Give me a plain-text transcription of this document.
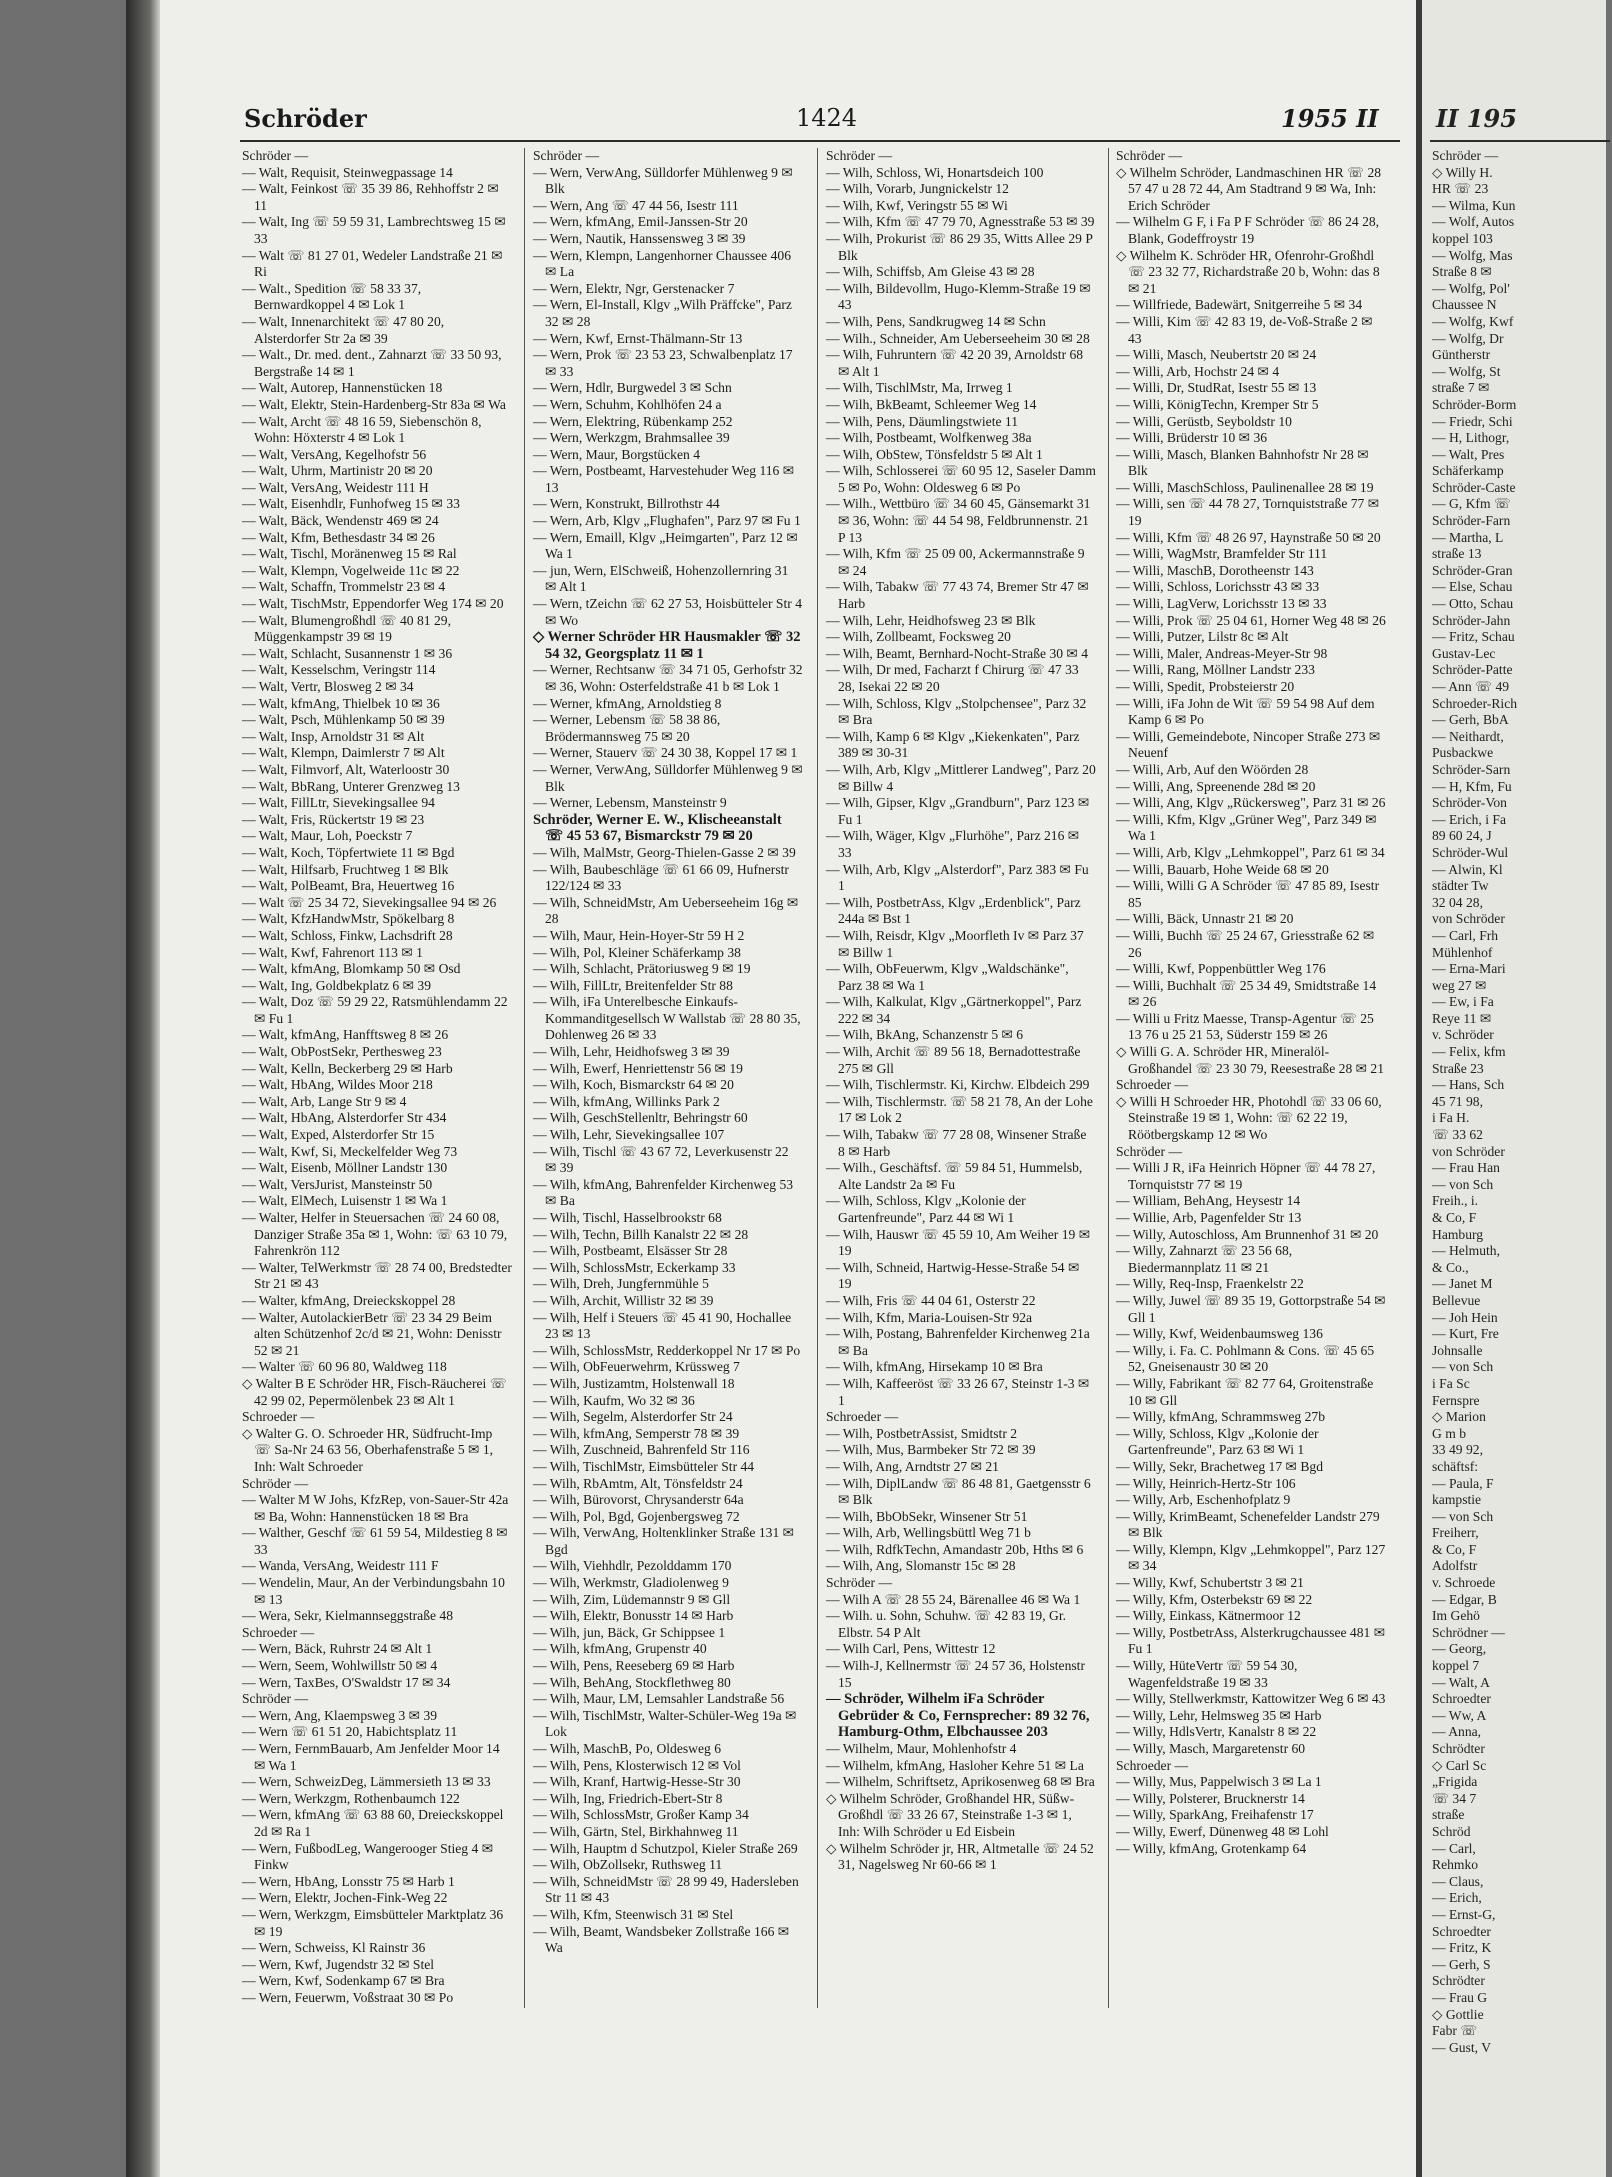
Schröder	1424	1955 II

Schröder —

— Walt, Requisit, Steinwegpassage 14

— Walt, Feinkost ☏ 35 39 86, Rehhoffstr 2 ✉ 11

— Walt, Ing ☏ 59 59 31, Lambrechtsweg 15 ✉ 33

— Walt ☏ 81 27 01, Wedeler Landstraße 21 ✉ Ri

— Walt., Spedition ☏ 58 33 37, Bernwardkoppel 4 ✉ Lok 1

— Walt, Innenarchitekt ☏ 47 80 20, Alsterdorfer Str 2a ✉ 39

— Walt., Dr. med. dent., Zahnarzt ☏ 33 50 93, Bergstraße 14 ✉ 1

— Walt, Autorep, Hannenstücken 18

— Walt, Elektr, Stein-Hardenberg-Str 83a ✉ Wa

— Walt, Archt ☏ 48 16 59, Siebenschön 8, Wohn: Höxterstr 4 ✉ Lok 1

— Walt, VersAng, Kegelhofstr 56

— Walt, Uhrm, Martinistr 20 ✉ 20

— Walt, VersAng, Weidestr 111 H

— Walt, Eisenhdlr, Funhofweg 15 ✉ 33

— Walt, Bäck, Wendenstr 469 ✉ 24

— Walt, Kfm, Bethesdastr 34 ✉ 26

— Walt, Tischl, Moränenweg 15 ✉ Ral

— Walt, Klempn, Vogelweide 11c ✉ 22

— Walt, Schaffn, Trommelstr 23 ✉ 4

— Walt, TischMstr, Eppendorfer Weg 174 ✉ 20

— Walt, Blumengroßhdl ☏ 40 81 29, Müggenkampstr 39 ✉ 19

— Walt, Schlacht, Susannenstr 1 ✉ 36

— Walt, Kesselschm, Veringstr 114

— Walt, Vertr, Blosweg 2 ✉ 34

— Walt, kfmAng, Thielbek 10 ✉ 36

— Walt, Psch, Mühlenkamp 50 ✉ 39

— Walt, Insp, Arnoldstr 31 ✉ Alt

— Walt, Klempn, Daimlerstr 7 ✉ Alt

— Walt, Filmvorf, Alt, Waterloostr 30

— Walt, BbRang, Unterer Grenzweg 13

— Walt, FillLtr, Sievekingsallee 94

— Walt, Fris, Rückertstr 19 ✉ 23

— Walt, Maur, Loh, Poeckstr 7

— Walt, Koch, Töpfertwiete 11 ✉ Bgd

— Walt, Hilfsarb, Fruchtweg 1 ✉ Blk

— Walt, PolBeamt, Bra, Heuertweg 16

— Walt ☏ 25 34 72, Sievekingsallee 94 ✉ 26

— Walt, KfzHandwMstr, Spökelbarg 8

— Walt, Schloss, Finkw, Lachsdrift 28

— Walt, Kwf, Fahrenort 113 ✉ 1

— Walt, kfmAng, Blomkamp 50 ✉ Osd

— Walt, Ing, Goldbekplatz 6 ✉ 39

— Walt, Doz ☏ 59 29 22, Ratsmühlendamm 22 ✉ Fu 1

— Walt, kfmAng, Hanfftsweg 8 ✉ 26

— Walt, ObPostSekr, Perthesweg 23

— Walt, Kelln, Beckerberg 29 ✉ Harb

— Walt, HbAng, Wildes Moor 218

— Walt, Arb, Lange Str 9 ✉ 4

— Walt, HbAng, Alsterdorfer Str 434

— Walt, Exped, Alsterdorfer Str 15

— Walt, Kwf, Si, Meckelfelder Weg 73

— Walt, Eisenb, Möllner Landstr 130

— Walt, VersJurist, Mansteinstr 50

— Walt, ElMech, Luisenstr 1 ✉ Wa 1

— Walter, Helfer in Steuersachen ☏ 24 60 08, Danziger Straße 35a ✉ 1, Wohn: ☏ 63 10 79, Fahrenkrön 112

— Walter, TelWerkmstr ☏ 28 74 00, Bredstedter Str 21 ✉ 43

— Walter, kfmAng, Dreieckskoppel 28

— Walter, AutolackierBetr ☏ 23 34 29 Beim alten Schützenhof 2c/d ✉ 21, Wohn: Denisstr 52 ✉ 21

— Walter ☏ 60 96 80, Waldweg 118

◇ Walter B E Schröder HR, Fisch-Räucherei ☏ 42 99 02, Pepermölenbek 23 ✉ Alt 1

Schroeder —

◇ Walter G. O. Schroeder HR, Südfrucht-Imp ☏ Sa-Nr 24 63 56, Oberhafenstraße 5 ✉ 1, Inh: Walt Schroeder

Schröder —

— Walter M W Johs, KfzRep, von-Sauer-Str 42a ✉ Ba, Wohn: Hannenstücken 18 ✉ Bra

— Walther, Geschf ☏ 61 59 54, Mildestieg 8 ✉ 33

— Wanda, VersAng, Weidestr 111 F

— Wendelin, Maur, An der Verbindungsbahn 10 ✉ 13

— Wera, Sekr, Kielmannseggstraße 48

Schroeder —

— Wern, Bäck, Ruhrstr 24 ✉ Alt 1

— Wern, Seem, Wohlwillstr 50 ✉ 4

— Wern, TaxBes, O'Swaldstr 17 ✉ 34

Schröder —

— Wern, Ang, Klaempsweg 3 ✉ 39

— Wern ☏ 61 51 20, Habichtsplatz 11

— Wern, FernmBauarb, Am Jenfelder Moor 14 ✉ Wa 1

— Wern, SchweizDeg, Lämmersieth 13 ✉ 33

— Wern, Werkzgm, Rothenbaumch 122

— Wern, kfmAng ☏ 63 88 60, Dreieckskoppel 2d ✉ Ra 1

— Wern, FußbodLeg, Wangerooger Stieg 4 ✉ Finkw

— Wern, HbAng, Lonsstr 75 ✉ Harb 1

— Wern, Elektr, Jochen-Fink-Weg 22

— Wern, Werkzgm, Eimsbütteler Marktplatz 36 ✉ 19

— Wern, Schweiss, Kl Rainstr 36

— Wern, Kwf, Jugendstr 32 ✉ Stel

— Wern, Kwf, Sodenkamp 67 ✉ Bra

— Wern, Feuerwm, Voßstraat 30 ✉ Po

Schröder —

— Wern, VerwAng, Sülldorfer Mühlenweg 9 ✉ Blk

— Wern, Ang ☏ 47 44 56, Isestr 111

— Wern, kfmAng, Emil-Janssen-Str 20

— Wern, Nautik, Hanssensweg 3 ✉ 39

— Wern, Klempn, Langenhorner Chaussee 406 ✉ La

— Wern, Elektr, Ngr, Gerstenacker 7

— Wern, El-Install, Klgv „Wilh Präffcke", Parz 32 ✉ 28

— Wern, Kwf, Ernst-Thälmann-Str 13

— Wern, Prok ☏ 23 53 23, Schwalbenplatz 17 ✉ 33

— Wern, Hdlr, Burgwedel 3 ✉ Schn

— Wern, Schuhm, Kohlhöfen 24 a

— Wern, Elektring, Rübenkamp 252

— Wern, Werkzgm, Brahmsallee 39

— Wern, Maur, Borgstücken 4

— Wern, Postbeamt, Harvestehuder Weg 116 ✉ 13

— Wern, Konstrukt, Billrothstr 44

— Wern, Arb, Klgv „Flughafen", Parz 97 ✉ Fu 1

— Wern, Emaill, Klgv „Heimgarten", Parz 12 ✉ Wa 1

— jun, Wern, ElSchweiß, Hohenzollernring 31 ✉ Alt 1

— Wern, tZeichn ☏ 62 27 53, Hoisbütteler Str 4 ✉ Wo

◇ Werner Schröder HR Hausmakler ☏ 32 54 32, Georgsplatz 11 ✉ 1

— Werner, Rechtsanw ☏ 34 71 05, Gerhofstr 32 ✉ 36, Wohn: Osterfeldstraße 41 b ✉ Lok 1

— Werner, kfmAng, Arnoldstieg 8

— Werner, Lebensm ☏ 58 38 86, Brödermannsweg 75 ✉ 20

— Werner, Stauerv ☏ 24 30 38, Koppel 17 ✉ 1

— Werner, VerwAng, Sülldorfer Mühlenweg 9 ✉ Blk

— Werner, Lebensm, Mansteinstr 9

Schröder, Werner E. W., Klischeeanstalt ☏ 45 53 67, Bismarckstr 79 ✉ 20

— Wilh, MalMstr, Georg-Thielen-Gasse 2 ✉ 39

— Wilh, Baubeschläge ☏ 61 66 09, Hufnerstr 122/124 ✉ 33

— Wilh, SchneidMstr, Am Ueberseeheim 16g ✉ 28

— Wilh, Maur, Hein-Hoyer-Str 59 H 2

— Wilh, Pol, Kleiner Schäferkamp 38

— Wilh, Schlacht, Prätoriusweg 9 ✉ 19

— Wilh, FillLtr, Breitenfelder Str 88

— Wilh, iFa Unterelbesche Einkaufs-Kommanditgesellsch W Wallstab ☏ 28 80 35, Dohlenweg 26 ✉ 33

— Wilh, Lehr, Heidhofsweg 3 ✉ 39

— Wilh, Ewerf, Henriettenstr 56 ✉ 19

— Wilh, Koch, Bismarckstr 64 ✉ 20

— Wilh, kfmAng, Willinks Park 2

— Wilh, GeschStellenltr, Behringstr 60

— Wilh, Lehr, Sievekingsallee 107

— Wilh, Tischl ☏ 43 67 72, Leverkusenstr 22 ✉ 39

— Wilh, kfmAng, Bahrenfelder Kirchenweg 53 ✉ Ba

— Wilh, Tischl, Hasselbrookstr 68

— Wilh, Techn, Billh Kanalstr 22 ✉ 28

— Wilh, Postbeamt, Elsässer Str 28

— Wilh, SchlossMstr, Eckerkamp 33

— Wilh, Dreh, Jungfernmühle 5

— Wilh, Archit, Willistr 32 ✉ 39

— Wilh, Helf i Steuers ☏ 45 41 90, Hochallee 23 ✉ 13

— Wilh, SchlossMstr, Redderkoppel Nr 17 ✉ Po

— Wilh, ObFeuerwehrm, Krüssweg 7

— Wilh, Justizamtm, Holstenwall 18

— Wilh, Kaufm, Wo 32 ✉ 36

— Wilh, Segelm, Alsterdorfer Str 24

— Wilh, kfmAng, Semperstr 78 ✉ 39

— Wilh, Zuschneid, Bahrenfeld Str 116

— Wilh, TischlMstr, Eimsbütteler Str 44

— Wilh, RbAmtm, Alt, Tönsfeldstr 24

— Wilh, Bürovorst, Chrysanderstr 64a

— Wilh, Pol, Bgd, Gojenbergsweg 72

— Wilh, VerwAng, Holtenklinker Straße 131 ✉ Bgd

— Wilh, Viehhdlr, Pezolddamm 170

— Wilh, Werkmstr, Gladiolenweg 9

— Wilh, Zim, Lüdemannstr 9 ✉ Gll

— Wilh, Elektr, Bonusstr 14 ✉ Harb

— Wilh, jun, Bäck, Gr Schippsee 1

— Wilh, kfmAng, Grupenstr 40

— Wilh, Pens, Reeseberg 69 ✉ Harb

— Wilh, BehAng, Stockflethweg 80

— Wilh, Maur, LM, Lemsahler Landstraße 56

— Wilh, TischlMstr, Walter-Schüler-Weg 19a ✉ Lok

— Wilh, MaschB, Po, Oldesweg 6

— Wilh, Pens, Klosterwisch 12 ✉ Vol

— Wilh, Kranf, Hartwig-Hesse-Str 30

— Wilh, Ing, Friedrich-Ebert-Str 8

— Wilh, SchlossMstr, Großer Kamp 34

— Wilh, Gärtn, Stel, Birkhahnweg 11

— Wilh, Hauptm d Schutzpol, Kieler Straße 269

— Wilh, ObZollsekr, Ruthsweg 11

— Wilh, SchneidMstr ☏ 28 99 49, Hadersleben Str 11 ✉ 43

— Wilh, Kfm, Steenwisch 31 ✉ Stel

— Wilh, Beamt, Wandsbeker Zollstraße 166 ✉ Wa

Schröder —

— Wilh, Schloss, Wi, Honartsdeich 100

— Wilh, Vorarb, Jungnickelstr 12

— Wilh, Kwf, Veringstr 55 ✉ Wi

— Wilh, Kfm ☏ 47 79 70, Agnesstraße 53 ✉ 39

— Wilh, Prokurist ☏ 86 29 35, Witts Allee 29 P Blk

— Wilh, Schiffsb, Am Gleise 43 ✉ 28

— Wilh, Bildevollm, Hugo-Klemm-Straße 19 ✉ 43

— Wilh, Pens, Sandkrugweg 14 ✉ Schn

— Wilh., Schneider, Am Ueberseeheim 30 ✉ 28

— Wilh, Fuhruntern ☏ 42 20 39, Arnoldstr 68 ✉ Alt 1

— Wilh, TischlMstr, Ma, Irrweg 1

— Wilh, BkBeamt, Schleemer Weg 14

— Wilh, Pens, Däumlingstwiete 11

— Wilh, Postbeamt, Wolfkenweg 38a

— Wilh, ObStew, Tönsfeldstr 5 ✉ Alt 1

— Wilh, Schlosserei ☏ 60 95 12, Saseler Damm 5 ✉ Po, Wohn: Oldesweg 6 ✉ Po

— Wilh., Wettbüro ☏ 34 60 45, Gänsemarkt 31 ✉ 36, Wohn: ☏ 44 54 98, Feldbrunnenstr. 21 P 13

— Wilh, Kfm ☏ 25 09 00, Ackermannstraße 9 ✉ 24

— Wilh, Tabakw ☏ 77 43 74, Bremer Str 47 ✉ Harb

— Wilh, Lehr, Heidhofsweg 23 ✉ Blk

— Wilh, Zollbeamt, Focksweg 20

— Wilh, Beamt, Bernhard-Nocht-Straße 30 ✉ 4

— Wilh, Dr med, Facharzt f Chirurg ☏ 47 33 28, Isekai 22 ✉ 20

— Wilh, Schloss, Klgv „Stolpchensee", Parz 32 ✉ Bra

— Wilh, Kamp 6 ✉ Klgv „Kiekenkaten", Parz 389 ✉ 30-31

— Wilh, Arb, Klgv „Mittlerer Landweg", Parz 20 ✉ Billw 4

— Wilh, Gipser, Klgv „Grandburn", Parz 123 ✉ Fu 1

— Wilh, Wäger, Klgv „Flurhöhe", Parz 216 ✉ 33

— Wilh, Arb, Klgv „Alsterdorf", Parz 383 ✉ Fu 1

— Wilh, PostbetrAss, Klgv „Erdenblick", Parz 244a ✉ Bst 1

— Wilh, Reisdr, Klgv „Moorfleth Iv ✉ Parz 37 ✉ Billw 1

— Wilh, ObFeuerwm, Klgv „Waldschänke", Parz 38 ✉ Wa 1

— Wilh, Kalkulat, Klgv „Gärtnerkoppel", Parz 222 ✉ 34

— Wilh, BkAng, Schanzenstr 5 ✉ 6

— Wilh, Archit ☏ 89 56 18, Bernadottestraße 275 ✉ Gll

— Wilh, Tischlermstr. Ki, Kirchw. Elbdeich 299

— Wilh, Tischlermstr. ☏ 58 21 78, An der Lohe 17 ✉ Lok 2

— Wilh, Tabakw ☏ 77 28 08, Winsener Straße 8 ✉ Harb

— Wilh., Geschäftsf. ☏ 59 84 51, Hummelsb, Alte Landstr 2a ✉ Fu

— Wilh, Schloss, Klgv „Kolonie der Gartenfreunde", Parz 44 ✉ Wi 1

— Wilh, Hauswr ☏ 45 59 10, Am Weiher 19 ✉ 19

— Wilh, Schneid, Hartwig-Hesse-Straße 54 ✉ 19

— Wilh, Fris ☏ 44 04 61, Osterstr 22

— Wilh, Kfm, Maria-Louisen-Str 92a

— Wilh, Postang, Bahrenfelder Kirchenweg 21a ✉ Ba

— Wilh, kfmAng, Hirsekamp 10 ✉ Bra

— Wilh, Kaffeeröst ☏ 33 26 67, Steinstr 1-3 ✉ 1

Schroeder —

— Wilh, PostbetrAssist, Smidtstr 2

— Wilh, Mus, Barmbeker Str 72 ✉ 39

— Wilh, Ang, Arndtstr 27 ✉ 21

— Wilh, DiplLandw ☏ 86 48 81, Gaetgensstr 6 ✉ Blk

— Wilh, BbObSekr, Winsener Str 51

— Wilh, Arb, Wellingsbüttl Weg 71 b

— Wilh, RdfkTechn, Amandastr 20b, Hths ✉ 6

— Wilh, Ang, Slomanstr 15c ✉ 28

Schröder —

— Wilh A ☏ 28 55 24, Bärenallee 46 ✉ Wa 1

— Wilh. u. Sohn, Schuhw. ☏ 42 83 19, Gr. Elbstr. 54 P Alt

— Wilh Carl, Pens, Wittestr 12

— Wilh-J, Kellnermstr ☏ 24 57 36, Holstenstr 15

— Schröder, Wilhelm iFa Schröder Gebrüder & Co, Fernsprecher: 89 32 76, Hamburg-Othm, Elbchaussee 203

— Wilhelm, Maur, Mohlenhofstr 4

— Wilhelm, kfmAng, Hasloher Kehre 51 ✉ La

— Wilhelm, Schriftsetz, Aprikosenweg 68 ✉ Bra

◇ Wilhelm Schröder, Großhandel HR, Süßw-Großhdl ☏ 33 26 67, Steinstraße 1-3 ✉ 1, Inh: Wilh Schröder u Ed Eisbein

◇ Wilhelm Schröder jr, HR, Altmetalle ☏ 24 52 31, Nagelsweg Nr 60-66 ✉ 1

Schröder —

◇ Wilhelm Schröder, Landmaschinen HR ☏ 28 57 47 u 28 72 44, Am Stadtrand 9 ✉ Wa, Inh: Erich Schröder

— Wilhelm G F, i Fa P F Schröder ☏ 86 24 28, Blank, Godeffroystr 19

◇ Wilhelm K. Schröder HR, Ofenrohr-Großhdl ☏ 23 32 77, Richardstraße 20 b, Wohn: das 8 ✉ 21

— Willfriede, Badewärt, Snitgerreihe 5 ✉ 34

— Willi, Kim ☏ 42 83 19, de-Voß-Straße 2 ✉ 43

— Willi, Masch, Neubertstr 20 ✉ 24

— Willi, Arb, Hochstr 24 ✉ 4

— Willi, Dr, StudRat, Isestr 55 ✉ 13

— Willi, KönigTechn, Kremper Str 5

— Willi, Gerüstb, Seyboldstr 10

— Willi, Brüderstr 10 ✉ 36

— Willi, Masch, Blanken Bahnhofstr Nr 28 ✉ Blk

— Willi, MaschSchloss, Paulinenallee 28 ✉ 19

— Willi, sen ☏ 44 78 27, Tornquiststraße 77 ✉ 19

— Willi, Kfm ☏ 48 26 97, Haynstraße 50 ✉ 20

— Willi, WagMstr, Bramfelder Str 111

— Willi, MaschB, Dorotheenstr 143

— Willi, Schloss, Lorichsstr 43 ✉ 33

— Willi, LagVerw, Lorichsstr 13 ✉ 33

— Willi, Prok ☏ 25 04 61, Horner Weg 48 ✉ 26

— Willi, Putzer, Lilstr 8c ✉ Alt

— Willi, Maler, Andreas-Meyer-Str 98

— Willi, Rang, Möllner Landstr 233

— Willi, Spedit, Probsteierstr 20

— Willi, iFa John de Wit ☏ 59 54 98 Auf dem Kamp 6 ✉ Po

— Willi, Gemeindebote, Nincoper Straße 273 ✉ Neuenf

— Willi, Arb, Auf den Wöörden 28

— Willi, Ang, Spreenende 28d ✉ 20

— Willi, Ang, Klgv „Rückersweg", Parz 31 ✉ 26

— Willi, Kfm, Klgv „Grüner Weg", Parz 349 ✉ Wa 1

— Willi, Arb, Klgv „Lehmkoppel", Parz 61 ✉ 34

— Willi, Bauarb, Hohe Weide 68 ✉ 20

— Willi, Willi G A Schröder ☏ 47 85 89, Isestr 85

— Willi, Bäck, Unnastr 21 ✉ 20

— Willi, Buchh ☏ 25 24 67, Griesstraße 62 ✉ 26

— Willi, Kwf, Poppenbüttler Weg 176

— Willi, Buchhalt ☏ 25 34 49, Smidtstraße 14 ✉ 26

— Willi u Fritz Maesse, Transp-Agentur ☏ 25 13 76 u 25 21 53, Süderstr 159 ✉ 26

◇ Willi G. A. Schröder HR, Mineralöl-Großhandel ☏ 23 30 79, Reesestraße 28 ✉ 21

Schroeder —

◇ Willi H Schroeder HR, Photohdl ☏ 33 06 60, Steinstraße 19 ✉ 1, Wohn: ☏ 62 22 19, Röötbergskamp 12 ✉ Wo

Schröder —

— Willi J R, iFa Heinrich Höpner ☏ 44 78 27, Tornquiststr 77 ✉ 19

— William, BehAng, Heysestr 14

— Willie, Arb, Pagenfelder Str 13

— Willy, Autoschloss, Am Brunnenhof 31 ✉ 20

— Willy, Zahnarzt ☏ 23 56 68, Biedermannplatz 11 ✉ 21

— Willy, Req-Insp, Fraenkelstr 22

— Willy, Juwel ☏ 89 35 19, Gottorpstraße 54 ✉ Gll 1

— Willy, Kwf, Weidenbaumsweg 136

— Willy, i. Fa. C. Pohlmann & Cons. ☏ 45 65 52, Gneisenaustr 30 ✉ 20

— Willy, Fabrikant ☏ 82 77 64, Groitenstraße 10 ✉ Gll

— Willy, kfmAng, Schrammsweg 27b

— Willy, Schloss, Klgv „Kolonie der Gartenfreunde", Parz 63 ✉ Wi 1

— Willy, Sekr, Brachetweg 17 ✉ Bgd

— Willy, Heinrich-Hertz-Str 106

— Willy, Arb, Eschenhofplatz 9

— Willy, KrimBeamt, Schenefelder Landstr 279 ✉ Blk

— Willy, Klempn, Klgv „Lehmkoppel", Parz 127 ✉ 34

— Willy, Kwf, Schubertstr 3 ✉ 21

— Willy, Kfm, Osterbekstr 69 ✉ 22

— Willy, Einkass, Kätnermoor 12

— Willy, PostbetrAss, Alsterkrugchaussee 481 ✉ Fu 1

— Willy, HüteVertr ☏ 59 54 30, Wagenfeldstraße 19 ✉ 33

— Willy, Stellwerkmstr, Kattowitzer Weg 6 ✉ 43

— Willy, Lehr, Helmsweg 35 ✉ Harb

— Willy, HdlsVertr, Kanalstr 8 ✉ 22

— Willy, Masch, Margaretenstr 60

Schroeder —

— Willy, Mus, Pappelwisch 3 ✉ La 1

— Willy, Polsterer, Brucknerstr 14

— Willy, SparkAng, Freihafenstr 17

— Willy, Ewerf, Dünenweg 48 ✉ Lohl

— Willy, kfmAng, Grotenkamp 64

II 195

Schröder —

◇ Willy H.

HR ☏ 23

— Wilma, Kun

— Wolf, Autos

koppel 103

— Wolfg, Mas

Straße 8 ✉

— Wolfg, Pol'

Chaussee N

— Wolfg, Kwf

— Wolfg, Dr

Güntherstr

— Wolfg, St

straße 7 ✉

Schröder-Borm

— Friedr, Schi

— H, Lithogr,

— Walt, Pres

Schäferkamp

Schröder-Caste

— G, Kfm ☏

Schröder-Farn

— Martha, L

straße 13

Schröder-Gran

— Else, Schau

— Otto, Schau

Schröder-Jahn

— Fritz, Schau

Gustav-Lec

Schröder-Patte

— Ann ☏ 49

Schroeder-Rich

— Gerh, BbA

— Neithardt,

Pusbackwe

Schröder-Sarn

— H, Kfm, Fu

Schröder-Von

— Erich, i Fa

89 60 24, J

Schröder-Wul

— Alwin, Kl

städter Tw

32 04 28,

von Schröder

— Carl, Frh

Mühlenhof

— Erna-Mari

weg 27 ✉

— Ew, i Fa

Reye 11 ✉

v. Schröder

— Felix, kfm

Straße 23

— Hans, Sch

45 71 98,

i Fa H.

☏ 33 62

von Schröder

— Frau Han

— von Sch

Freih., i.

& Co, F

Hamburg

— Helmuth,

& Co.,

— Janet M

Bellevue

— Joh Hein

— Kurt, Fre

Johnsalle

— von Sch

i Fa Sc

Fernspre

◇ Marion

G m b

33 49 92,

schäftsf:

— Paula, F

kampstie

— von Sch

Freiherr,

& Co, F

Adolfstr

v. Schroede

— Edgar, B

Im Gehö

Schrödner —

— Georg,

koppel 7

— Walt, A

Schroedter

— Ww, A

— Anna,

Schrödter

◇ Carl Sc

„Frigida

☏ 34 7

straße

Schröd

— Carl,

Rehmko

— Claus,

— Erich,

— Ernst-G,

Schroedter

— Fritz, K

— Gerh, S

Schrödter

— Frau G

◇ Gottlie

Fabr ☏

— Gust, V
